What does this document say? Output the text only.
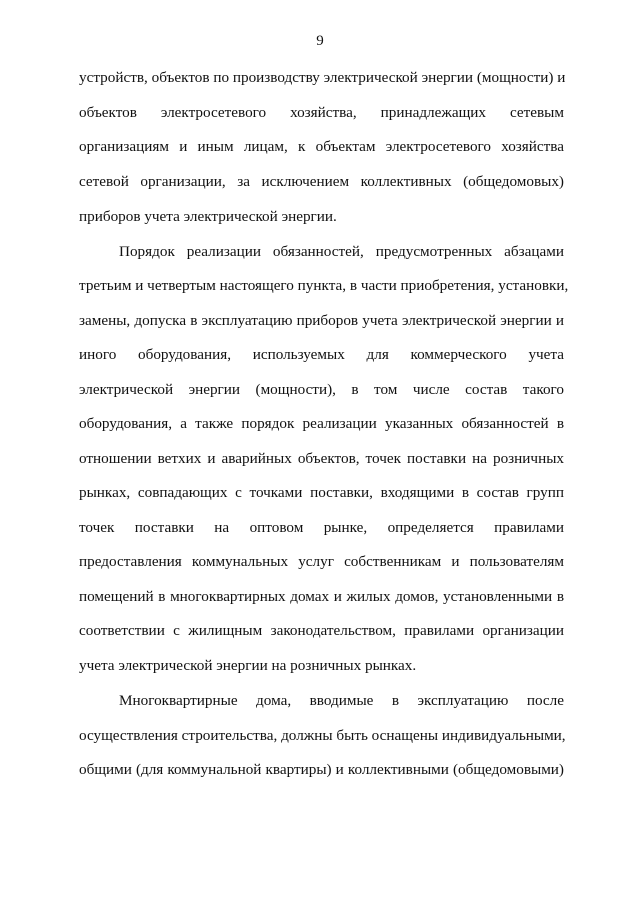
9
устройств, объектов по производству электрической энергии (мощности) и
объектов электросетевого хозяйства, принадлежащих сетевым
организациям и иным лицам, к объектам электросетевого хозяйства
сетевой организации, за исключением коллективных (общедомовых)
приборов учета электрической энергии.
Порядок реализации обязанностей, предусмотренных абзацами
третьим и четвертым настоящего пункта, в части приобретения, установки,
замены, допуска в эксплуатацию приборов учета электрической энергии и
иного оборудования, используемых для коммерческого учета
электрической энергии (мощности), в том числе состав такого
оборудования, а также порядок реализации указанных обязанностей в
отношении ветхих и аварийных объектов, точек поставки на розничных
рынках, совпадающих с точками поставки, входящими в состав групп
точек поставки на оптовом рынке, определяется правилами
предоставления коммунальных услуг собственникам и пользователям
помещений в многоквартирных домах и жилых домов, установленными в
соответствии с жилищным законодательством, правилами организации
учета электрической энергии на розничных рынках.
Многоквартирные дома, вводимые в эксплуатацию после
осуществления строительства, должны быть оснащены индивидуальными,
общими (для коммунальной квартиры) и коллективными (общедомовыми)
